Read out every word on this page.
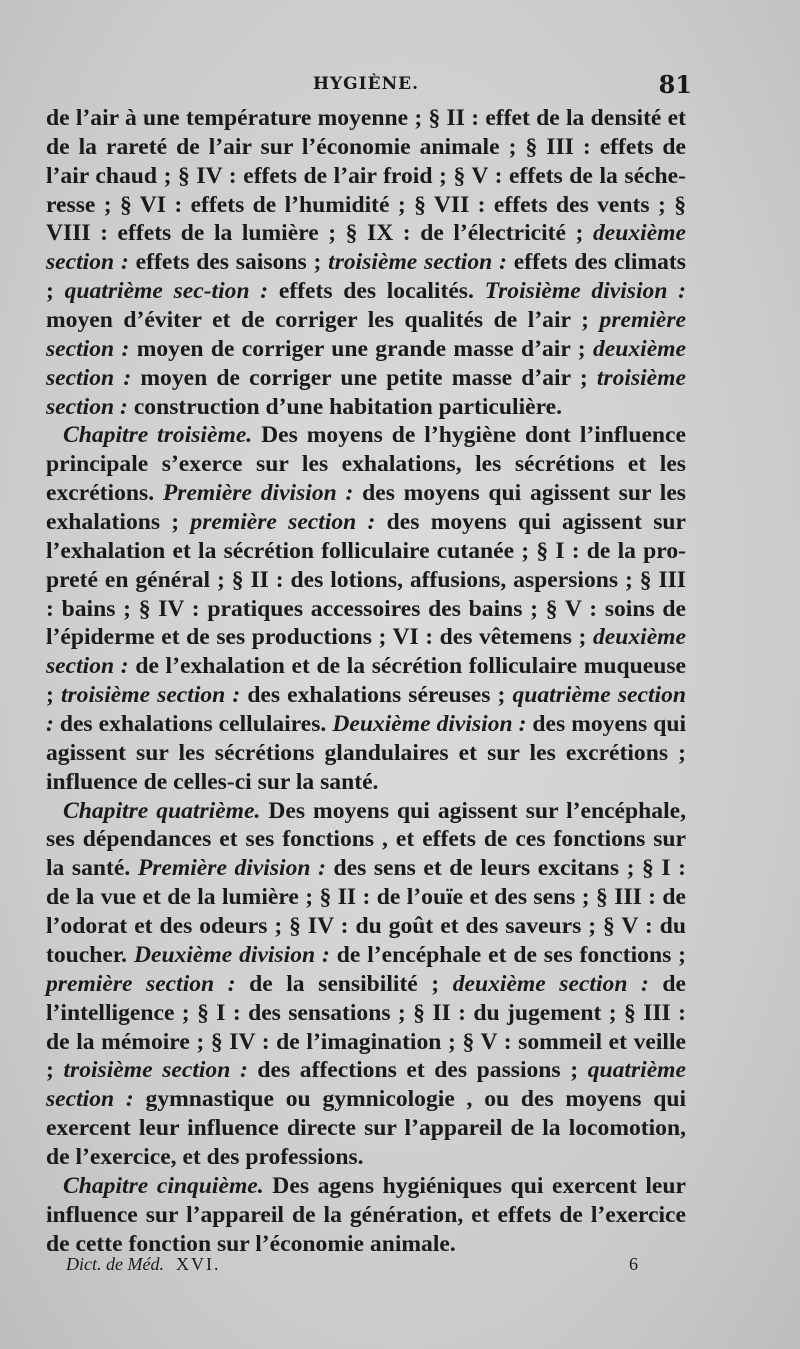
HYGIÈNE.	81

de l’air à une température moyenne ; § II : effet de la densité et de la rareté de l’air sur l’économie animale ; § III : effets de l’air chaud ; § IV : effets de l’air froid ; § V : effets de la séche-resse ; § VI : effets de l’humidité ; § VII : effets des vents ; § VIII : effets de la lumière ; § IX : de l’électricité ; deuxième section : effets des saisons ; troisième section : effets des climats ; quatrième sec-tion : effets des localités. Troisième division : moyen d’éviter et de corriger les qualités de l’air ; première section : moyen de corriger une grande masse d’air ; deuxième section : moyen de corriger une petite masse d’air ; troisième section : construction d’une habitation particulière.

Chapitre troisième. Des moyens de l’hygiène dont l’influence principale s’exerce sur les exhalations, les sécrétions et les excrétions. Première division : des moyens qui agissent sur les exhalations ; première section : des moyens qui agissent sur l’exhalation et la sécrétion folliculaire cutanée ; § I : de la pro-preté en général ; § II : des lotions, affusions, aspersions ; § III : bains ; § IV : pratiques accessoires des bains ; § V : soins de l’épiderme et de ses productions ; VI : des vêtemens ; deuxième section : de l’exhalation et de la sécrétion folliculaire muqueuse ; troisième section : des exhalations séreuses ; quatrième section : des exhalations cellulaires. Deuxième division : des moyens qui agissent sur les sécrétions glandulaires et sur les excrétions ; influence de celles-ci sur la santé.

Chapitre quatrième. Des moyens qui agissent sur l’encéphale, ses dépendances et ses fonctions , et effets de ces fonctions sur la santé. Première division : des sens et de leurs excitans ; § I : de la vue et de la lumière ; § II : de l’ouïe et des sens ; § III : de l’odorat et des odeurs ; § IV : du goût et des saveurs ; § V : du toucher. Deuxième division : de l’encéphale et de ses fonctions ; première section : de la sensibilité ; deuxième section : de l’intelligence ; § I : des sensations ; § II : du jugement ; § III : de la mémoire ; § IV : de l’imagination ; § V : sommeil et veille ; troisième section : des affections et des passions ; quatrième section : gymnastique ou gymnicologie , ou des moyens qui exercent leur influence directe sur l’appareil de la locomotion, de l’exercice, et des professions.

Chapitre cinquième. Des agens hygiéniques qui exercent leur influence sur l’appareil de la génération, et effets de l’exercice de cette fonction sur l’économie animale.

Dict. de Méd. XVI.	6
